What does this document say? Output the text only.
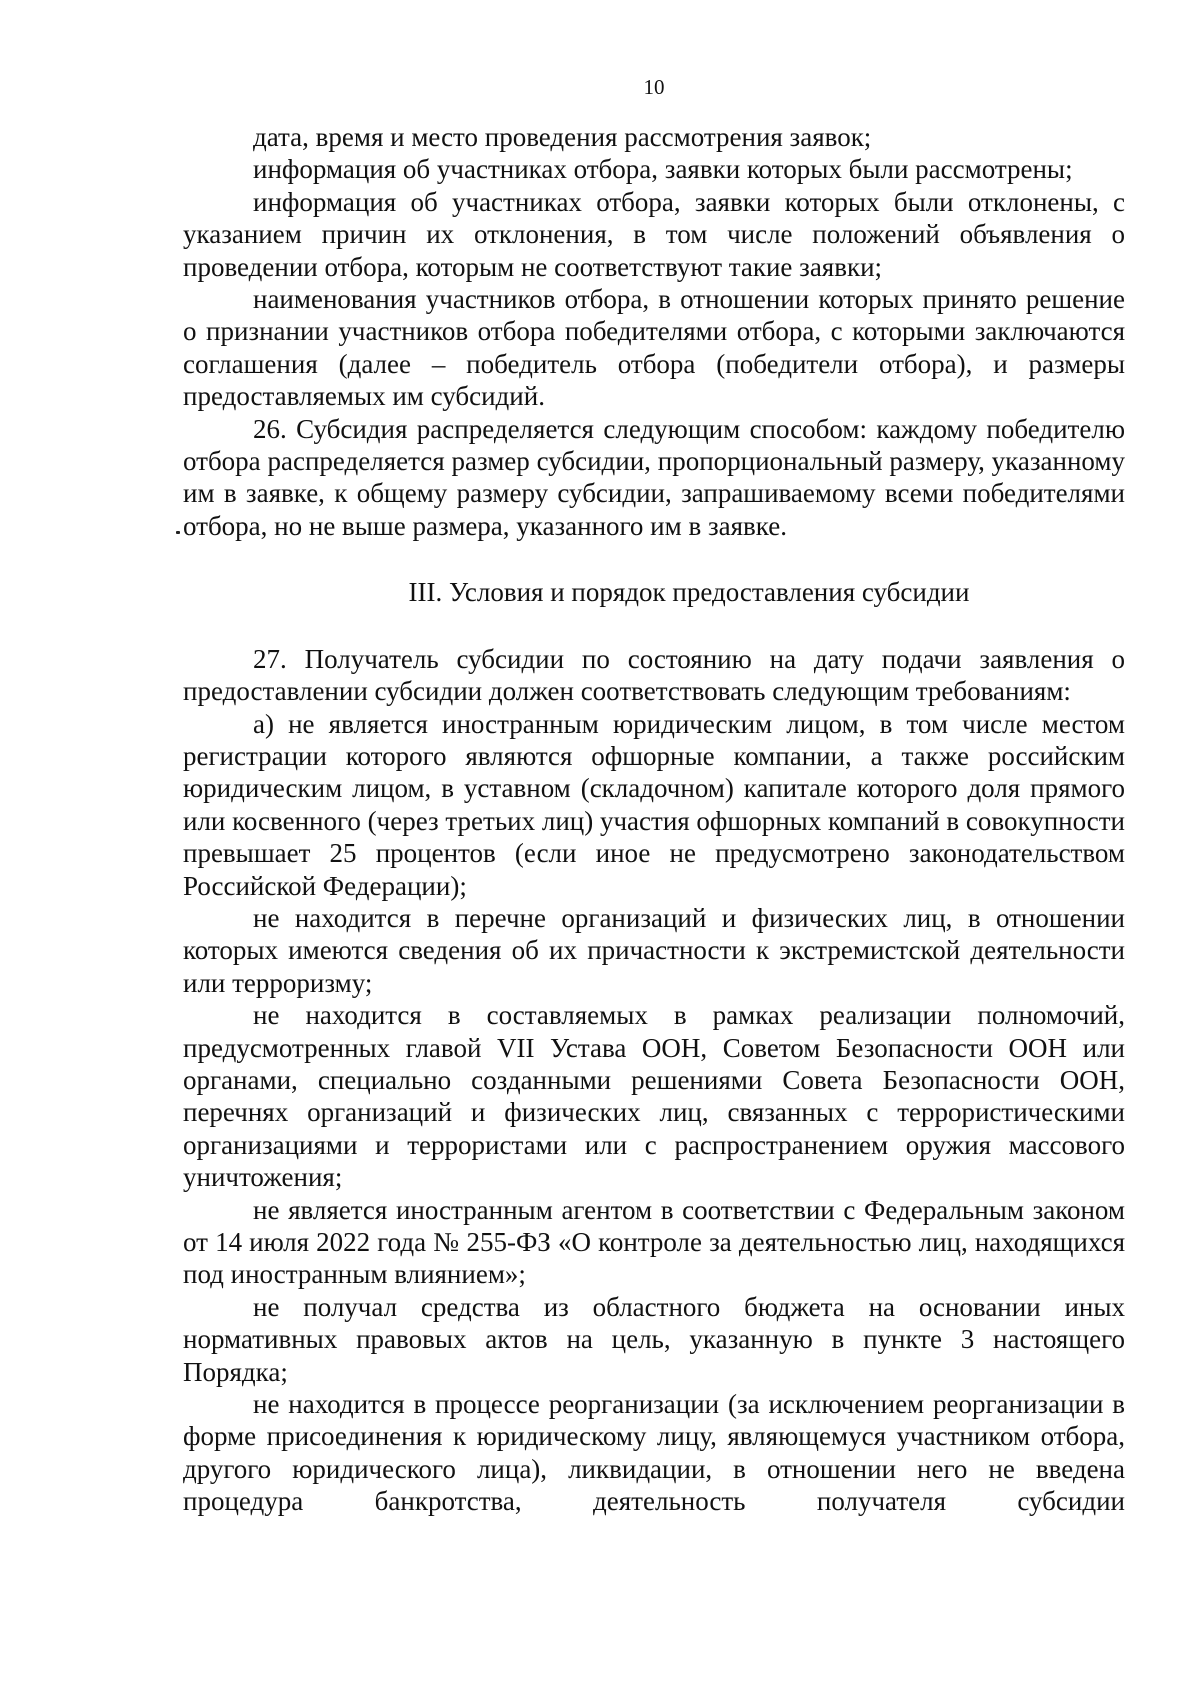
10

дата, время и место проведения рассмотрения заявок;

информация об участниках отбора, заявки которых были рассмотрены;

информация об участниках отбора, заявки которых были отклонены, с указанием причин их отклонения, в том числе положений объявления о проведении отбора, которым не соответствуют такие заявки;

наименования участников отбора, в отношении которых принято решение о признании участников отбора победителями отбора, с которыми заключаются соглашения (далее – победитель отбора (победители отбора), и размеры предоставляемых им субсидий.

26. Субсидия распределяется следующим способом: каждому победителю отбора распределяется размер субсидии, пропорциональный размеру, указанному им в заявке, к общему размеру субсидии, запрашиваемому всеми победителями отбора, но не выше размера, указанного им в заявке.

III. Условия и порядок предоставления субсидии

27. Получатель субсидии по состоянию на дату подачи заявления о предоставлении субсидии должен соответствовать следующим требованиям:

а) не является иностранным юридическим лицом, в том числе местом регистрации которого являются офшорные компании, а также российским юридическим лицом, в уставном (складочном) капитале которого доля прямого или косвенного (через третьих лиц) участия офшорных компаний в совокупности превышает 25 процентов (если иное не предусмотрено законодательством Российской Федерации);

не находится в перечне организаций и физических лиц, в отношении которых имеются сведения об их причастности к экстремистской деятельности или терроризму;

не находится в составляемых в рамках реализации полномочий, предусмотренных главой VII Устава ООН, Советом Безопасности ООН или органами, специально созданными решениями Совета Безопасности ООН, перечнях организаций и физических лиц, связанных с террористическими организациями и террористами или с распространением оружия массового уничтожения;

не является иностранным агентом в соответствии с Федеральным законом от 14 июля 2022 года № 255-ФЗ «О контроле за деятельностью лиц, находящихся под иностранным влиянием»;

не получал средства из областного бюджета на основании иных нормативных правовых актов на цель, указанную в пункте 3 настоящего Порядка;

не находится в процессе реорганизации (за исключением реорганизации в форме присоединения к юридическому лицу, являющемуся участником отбора, другого юридического лица), ликвидации, в отношении него не введена процедура банкротства, деятельность получателя субсидии
